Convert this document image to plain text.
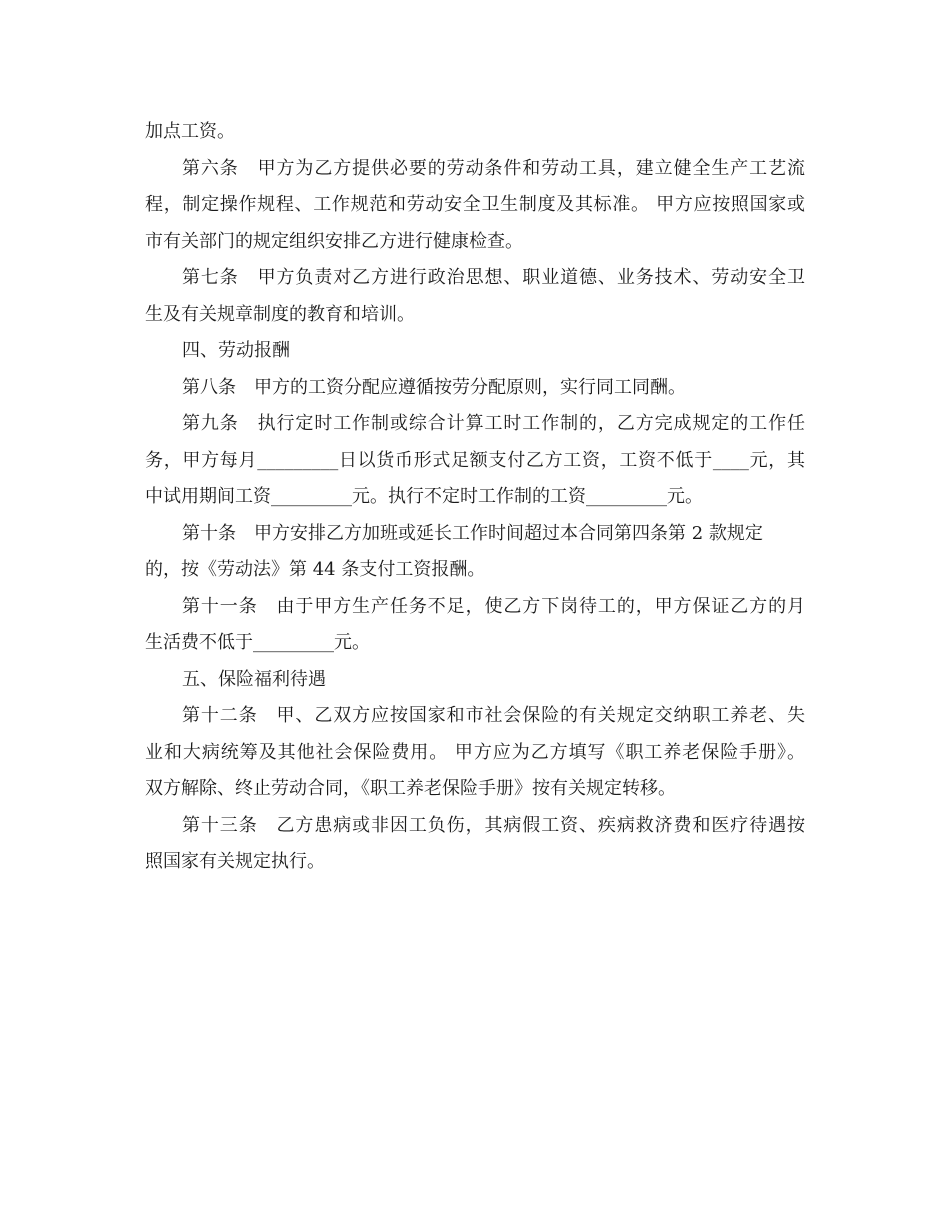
加点工资。
第六条　甲方为乙方提供必要的劳动条件和劳动工具，建立健全生产工艺流
程，制定操作规程、工作规范和劳动安全卫生制度及其标准。 甲方应按照国家或
市有关部门的规定组织安排乙方进行健康检查。
第七条　甲方负责对乙方进行政治思想、职业道德、业务技术、劳动安全卫
生及有关规章制度的教育和培训。
四、劳动报酬
第八条　甲方的工资分配应遵循按劳分配原则，实行同工同酬。
第九条　执行定时工作制或综合计算工时工作制的，乙方完成规定的工作任
务，甲方每月_________日以货币形式足额支付乙方工资，工资不低于____元，其
中试用期间工资_________元。执行不定时工作制的工资_________元。
第十条　甲方安排乙方加班或延长工作时间超过本合同第四条第 2 款规定
的，按《劳动法》第 44 条支付工资报酬。
第十一条　由于甲方生产任务不足，使乙方下岗待工的，甲方保证乙方的月
生活费不低于_________元。
五、保险福利待遇
第十二条　甲、乙双方应按国家和市社会保险的有关规定交纳职工养老、失
业和大病统筹及其他社会保险费用。 甲方应为乙方填写《职工养老保险手册》。
双方解除、终止劳动合同，《职工养老保险手册》按有关规定转移。
第十三条　乙方患病或非因工负伤，其病假工资、疾病救济费和医疗待遇按
照国家有关规定执行。
